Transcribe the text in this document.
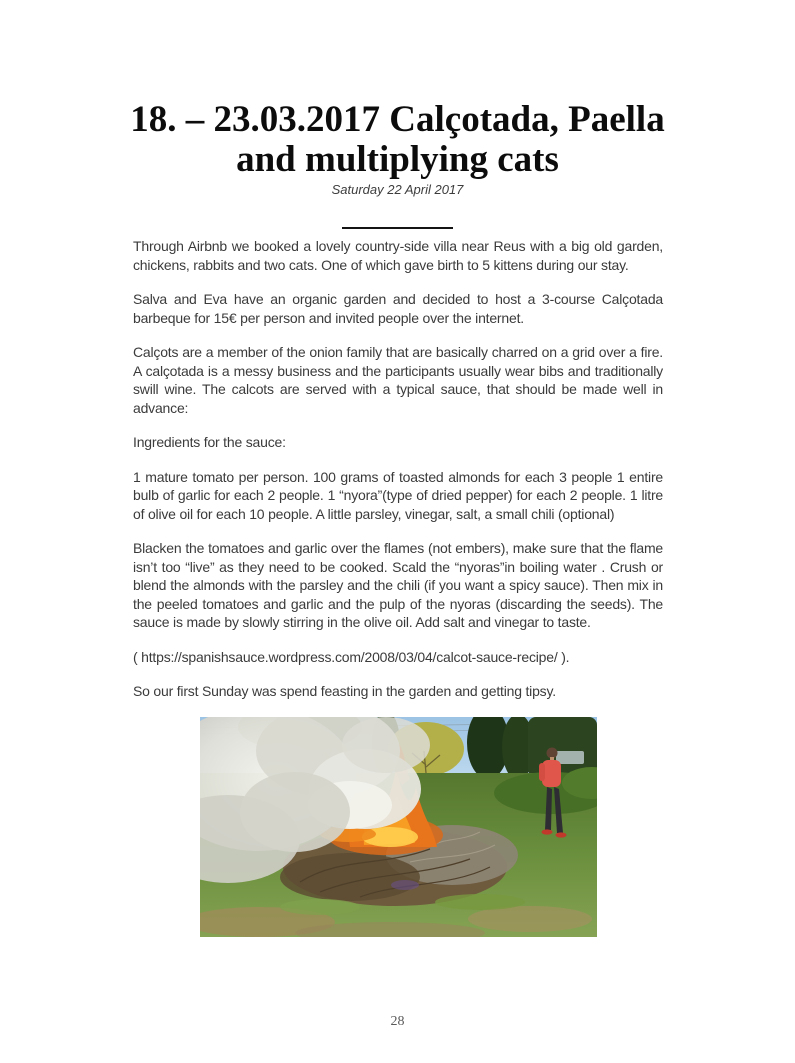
18. – 23.03.2017 Calçotada, Paella
and multiplying cats
Saturday 22 April 2017

Through Airbnb we booked a lovely country-side villa near Reus with a big old garden, chickens, rabbits and two cats. One of which gave birth to 5 kittens during our stay.

Salva and Eva have an organic garden and decided to host a 3-course Calçotada barbeque for 15€ per person and invited people over the internet.

Calçots are a member of the onion family that are basically charred on a grid over a fire. A calçotada is a messy business and the participants usually wear bibs and traditionally swill wine. The calcots are served with a typical sauce, that should be made well in advance:

Ingredients for the sauce:

1 mature tomato per person. 100 grams of toasted almonds for each 3 people 1 entire bulb of garlic for each 2 people. 1 “nyora”(type of dried pepper) for each 2 people. 1 litre of olive oil for each 10 people. A little parsley, vinegar, salt, a small chili (optional)

Blacken the tomatoes and garlic over the flames (not embers), make sure that the flame isn’t too “live” as they need to be cooked. Scald the “nyoras”in boiling water . Crush or blend the almonds with the parsley and the chili (if you want a spicy sauce). Then mix in the peeled tomatoes and garlic and the pulp of the nyoras (discarding the seeds). The sauce is made by slowly stirring in the olive oil. Add salt and vinegar to taste.

( https://spanishsauce.wordpress.com/2008/03/04/calcot-sauce-recipe/ ).

So our first Sunday was spend feasting in the garden and getting tipsy.

28
